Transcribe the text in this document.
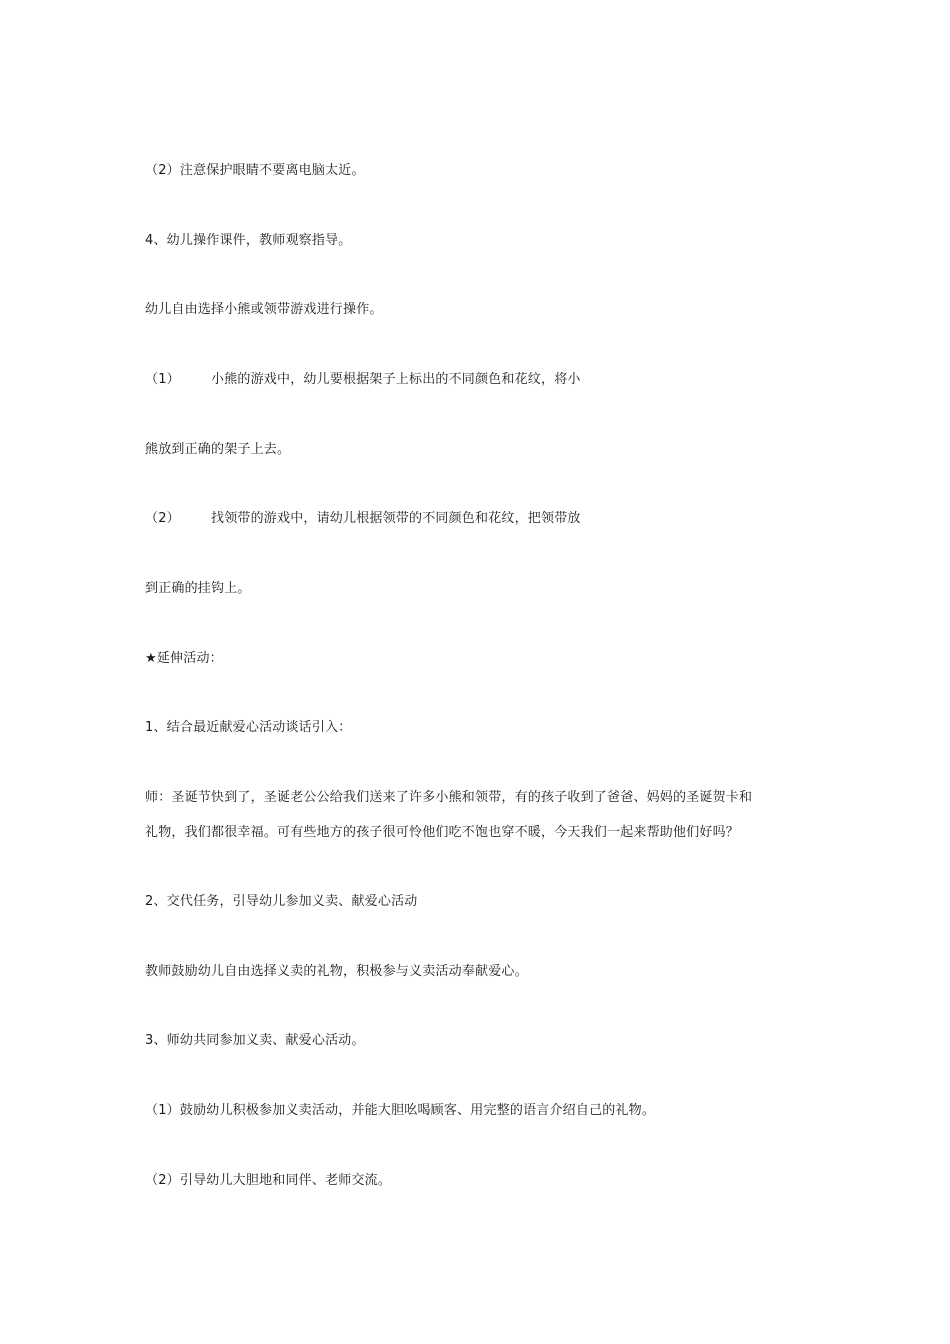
（2）注意保护眼睛不要离电脑太近。
4、幼儿操作课件，教师观察指导。
幼儿自由选择小熊或领带游戏进行操作。
（1） 小熊的游戏中，幼儿要根据架子上标出的不同颜色和花纹，将小
熊放到正确的架子上去。
（2） 找领带的游戏中，请幼儿根据领带的不同颜色和花纹，把领带放
到正确的挂钩上。
★延伸活动：
1、结合最近献爱心活动谈话引入：
师：圣诞节快到了，圣诞老公公给我们送来了许多小熊和领带，有的孩子收到了爸爸、妈妈的圣诞贺卡和
礼物，我们都很幸福。可有些地方的孩子很可怜他们吃不饱也穿不暖，今天我们一起来帮助他们好吗？
2、交代任务，引导幼儿参加义卖、献爱心活动
教师鼓励幼儿自由选择义卖的礼物，积极参与义卖活动奉献爱心。
3、师幼共同参加义卖、献爱心活动。
（1）鼓励幼儿积极参加义卖活动，并能大胆吆喝顾客、用完整的语言介绍自己的礼物。
（2）引导幼儿大胆地和同伴、老师交流。
